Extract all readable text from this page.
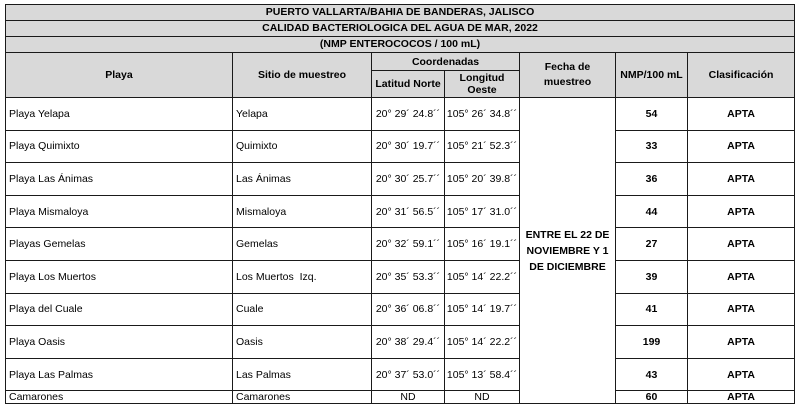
PUERTO VALLARTA/BAHIA DE BANDERAS, JALISCO						
CALIDAD BACTERIOLOGICA DEL AGUA DE MAR, 2022						
(NMP ENTEROCOCOS / 100 mL)						
Playa	Sitio de muestreo	Coordenadas		Fecha de muestreo	NMP/100 mL	Clasificación
		Latitud Norte	Longitud Oeste			
Playa Yelapa	Yelapa	20° 29´ 24.8´´	105° 26´ 34.8´´	ENTRE EL 22 DE NOVIEMBRE Y 1 DE DICIEMBRE	54	APTA
Playa Quimixto	Quimixto	20° 30´ 19.7´´	105° 21´ 52.3´´		33	APTA
Playa Las Ánimas	Las Ánimas	20° 30´ 25.7´´	105° 20´ 39.8´´		36	APTA
Playa Mismaloya	Mismaloya	20° 31´ 56.5´´	105° 17´ 31.0´´		44	APTA
Playas Gemelas	Gemelas	20° 32´ 59.1´´	105° 16´ 19.1´´		27	APTA
Playa Los Muertos	Los Muertos  Izq.	20° 35´ 53.3´´	105° 14´ 22.2´´		39	APTA
Playa del Cuale	Cuale	20° 36´ 06.8´´	105° 14´ 19.7´´		41	APTA
Playa Oasis	Oasis	20° 38´ 29.4´´	105° 14´ 22.2´´		199	APTA
Playa Las Palmas	Las Palmas	20° 37´ 53.0´´	105° 13´ 58.4´´		43	APTA
Camarones	Camarones	ND	ND		60	APTA
